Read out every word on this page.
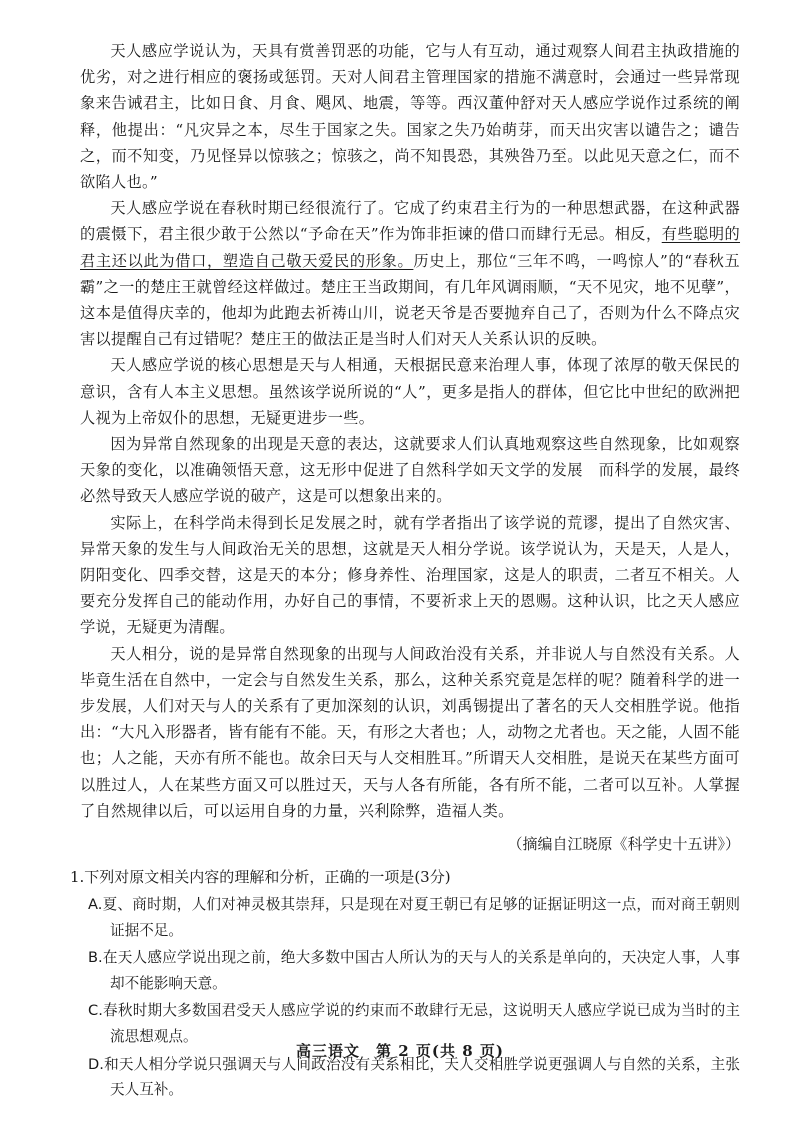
天人感应学说认为，天具有赏善罚恶的功能，它与人有互动，通过观察人间君主执政措施的优劣，对之进行相应的褒扬或惩罚。天对人间君主管理国家的措施不满意时，会通过一些异常现象来告诫君主，比如日食、月食、飓风、地震，等等。西汉董仲舒对天人感应学说作过系统的阐释，他提出：“凡灾异之本，尽生于国家之失。国家之失乃始萌芽，而天出灾害以谴告之；谴告之，而不知变，乃见怪异以惊骇之；惊骇之，尚不知畏恐，其殃咎乃至。以此见天意之仁，而不欲陷人也。”

天人感应学说在春秋时期已经很流行了。它成了约束君主行为的一种思想武器，在这种武器的震慑下，君主很少敢于公然以“予命在天”作为饰非拒谏的借口而肆行无忌。相反，有些聪明的君主还以此为借口，塑造自己敬天爱民的形象。历史上，那位“三年不鸣，一鸣惊人”的“春秋五霸”之一的楚庄王就曾经这样做过。楚庄王当政期间，有几年风调雨顺，“天不见灾，地不见孽”，这本是值得庆幸的，他却为此跑去祈祷山川，说老天爷是否要抛弃自己了，否则为什么不降点灾害以提醒自己有过错呢？楚庄王的做法正是当时人们对天人关系认识的反映。

天人感应学说的核心思想是天与人相通，天根据民意来治理人事，体现了浓厚的敬天保民的意识，含有人本主义思想。虽然该学说所说的“人”，更多是指人的群体，但它比中世纪的欧洲把人视为上帝奴仆的思想，无疑更进步一些。

因为异常自然现象的出现是天意的表达，这就要求人们认真地观察这些自然现象，比如观察天象的变化，以准确领悟天意，这无形中促进了自然科学如天文学的发展　而科学的发展，最终必然导致天人感应学说的破产，这是可以想象出来的。

实际上，在科学尚未得到长足发展之时，就有学者指出了该学说的荒谬，提出了自然灾害、异常天象的发生与人间政治无关的思想，这就是天人相分学说。该学说认为，天是天，人是人，阴阳变化、四季交替，这是天的本分；修身养性、治理国家，这是人的职责，二者互不相关。人要充分发挥自己的能动作用，办好自己的事情，不要祈求上天的恩赐。这种认识，比之天人感应学说，无疑更为清醒。

天人相分，说的是异常自然现象的出现与人间政治没有关系，并非说人与自然没有关系。人毕竟生活在自然中，一定会与自然发生关系，那么，这种关系究竟是怎样的呢？随着科学的进一步发展，人们对天与人的关系有了更加深刻的认识，刘禹锡提出了著名的天人交相胜学说。他指出：“大凡入形器者，皆有能有不能。天，有形之大者也；人，动物之尤者也。天之能，人固不能也；人之能，天亦有所不能也。故余曰天与人交相胜耳。”所谓天人交相胜，是说天在某些方面可以胜过人，人在某些方面又可以胜过天，天与人各有所能，各有所不能，二者可以互补。人掌握了自然规律以后，可以运用自身的力量，兴利除弊，造福人类。

（摘编自江晓原《科学史十五讲》）

1.下列对原文相关内容的理解和分析，正确的一项是(3分)

A.夏、商时期，人们对神灵极其崇拜，只是现在对夏王朝已有足够的证据证明这一点，而对商王朝则证据不足。

B.在天人感应学说出现之前，绝大多数中国古人所认为的天与人的关系是单向的，天决定人事，人事却不能影响天意。

C.春秋时期大多数国君受天人感应学说的约束而不敢肆行无忌，这说明天人感应学说已成为当时的主流思想观点。

D.和天人相分学说只强调天与人间政治没有关系相比，天人交相胜学说更强调人与自然的关系，主张天人互补。

高三语文　第 2 页(共 8 页)
